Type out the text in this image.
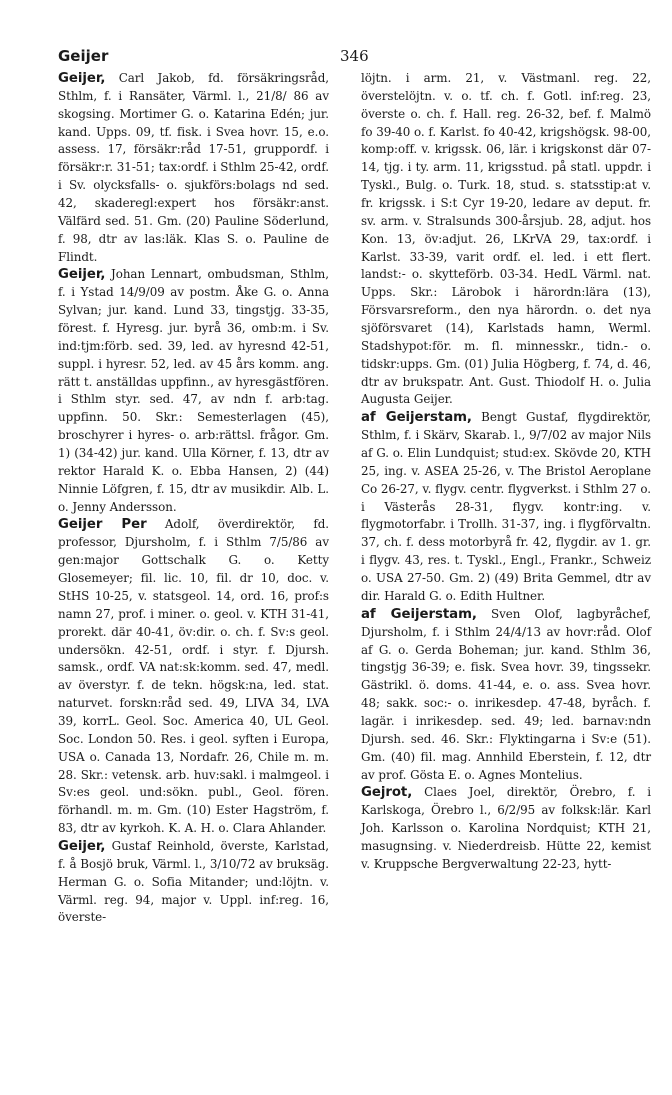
Geijer	346
Geijer, Carl Jakob, fd. försäkringsråd, Sthlm, f. i Ransäter, Värml. l., 21/8/ 86 av skogsing. Mortimer G. o. Katarina Edén; jur. kand. Upps. 09, tf. fisk. i Svea hovr. 15, e.o. assess. 17, försäkr:råd 17-51, gruppordf. i försäkr:r. 31-51; tax:ordf. i Sthlm 25-42, ordf. i Sv. olycksfalls- o. sjukförs:bolags nd sed. 42, skaderegl:expert hos försäkr:anst. Välfärd sed. 51. Gm. (20) Pauline Söderlund, f. 98, dtr av las:läk. Klas S. o. Pauline de Flindt.
Geijer, Johan Lennart, ombudsman, Sthlm, f. i Ystad 14/9/09 av postm. Åke G. o. Anna Sylvan; jur. kand. Lund 33, tingstjg. 33-35, förest. f. Hyresg. jur. byrå 36, omb:m. i Sv. ind:tjm:förb. sed. 39, led. av hyresnd 42-51, suppl. i hyresr. 52, led. av 45 års komm. ang. rätt t. anställdas uppfinn., av hyresgästfören. i Sthlm styr. sed. 47, av ndn f. arb:tag. uppfinn. 50. Skr.: Semesterlagen (45), broschyrer i hyres- o. arb:rättsl. frågor. Gm. 1) (34-42) jur. kand. Ulla Körner, f. 13, dtr av rektor Harald K. o. Ebba Hansen, 2) (44) Ninnie Löfgren, f. 15, dtr av musikdir. Alb. L. o. Jenny Andersson.
Geijer Per Adolf, överdirektör, fd. professor, Djursholm, f. i Sthlm 7/5/86 av gen:major Gottschalk G. o. Ketty Glosemeyer; fil. lic. 10, fil. dr 10, doc. v. StHS 10-25, v. statsgeol. 14, ord. 16, prof:s namn 27, prof. i miner. o. geol. v. KTH 31-41, prorekt. där 40-41, öv:dir. o. ch. f. Sv:s geol. undersökn. 42-51, ordf. i styr. f. Djursh. samsk., ordf. VA nat:sk:komm. sed. 47, medl. av överstyr. f. de tekn. högsk:na, led. stat. naturvet. forskn:råd sed. 49, LIVA 34, LVA 39, korrL. Geol. Soc. America 40, UL Geol. Soc. London 50. Res. i geol. syften i Europa, USA o. Canada 13, Nordafr. 26, Chile m. m. 28. Skr.: vetensk. arb. huv:sakl. i malmgeol. i Sv:es geol. und:sökn. publ., Geol. fören. förhandl. m. m. Gm. (10) Ester Hagström, f. 83, dtr av kyrkoh. K. A. H. o. Clara Ahlander.
Geijer, Gustaf Reinhold, överste, Karlstad, f. å Bosjö bruk, Värml. l., 3/10/72 av bruksäg. Herman G. o. Sofia Mitander; und:löjtn. v. Värml. reg. 94, major v. Uppl. inf:reg. 16, överste-
löjtn. i arm. 21, v. Västmanl. reg. 22, överstelöjtn. v. o. tf. ch. f. Gotl. inf:reg. 23, överste o. ch. f. Hall. reg. 26-32, bef. f. Malmö fo 39-40 o. f. Karlst. fo 40-42, krigshögsk. 98-00, komp:off. v. krigssk. 06, lär. i krigskonst där 07-14, tjg. i ty. arm. 11, krigsstud. på statl. uppdr. i Tyskl., Bulg. o. Turk. 18, stud. s. statsstip:at v. fr. krigssk. i S:t Cyr 19-20, ledare av deput. fr. sv. arm. v. Stralsunds 300-årsjub. 28, adjut. hos Kon. 13, öv:adjut. 26, LKrVA 29, tax:ordf. i Karlst. 33-39, varit ordf. el. led. i ett flert. landst:- o. skytteförb. 03-34. HedL Värml. nat. Upps. Skr.: Lärobok i härordn:lära (13), Försvarsreform., den nya härordn. o. det nya sjöförsvaret (14), Karlstads hamn, Werml. Stadshypot:för. m. fl. minnesskr., tidn.- o. tidskr:upps. Gm. (01) Julia Högberg, f. 74, d. 46, dtr av brukspatr. Ant. Gust. Thiodolf H. o. Julia Augusta Geijer.
af Geijerstam, Bengt Gustaf, flygdirektör, Sthlm, f. i Skärv, Skarab. l., 9/7/02 av major Nils af G. o. Elin Lundquist; stud:ex. Skövde 20, KTH 25, ing. v. ASEA 25-26, v. The Bristol Aeroplane Co 26-27, v. flygv. centr. flygverkst. i Sthlm 27 o. i Västerås 28-31, flygv. kontr:ing. v. flygmotorfabr. i Trollh. 31-37, ing. i flygförvaltn. 37, ch. f. dess motorbyrå fr. 42, flygdir. av 1. gr. i flygv. 43, res. t. Tyskl., Engl., Frankr., Schweiz o. USA 27-50. Gm. 2) (49) Brita Gemmel, dtr av dir. Harald G. o. Edith Hultner.
af Geijerstam, Sven Olof, lagbyråchef, Djursholm, f. i Sthlm 24/4/13 av hovr:råd. Olof af G. o. Gerda Boheman; jur. kand. Sthlm 36, tingstjg 36-39; e. fisk. Svea hovr. 39, tingssekr. Gästrikl. ö. doms. 41-44, e. o. ass. Svea hovr. 48; sakk. soc:- o. inrikesdep. 47-48, byråch. f. lagär. i inrikesdep. sed. 49; led. barnav:ndn Djursh. sed. 46. Skr.: Flyktingarna i Sv:e (51). Gm. (40) fil. mag. Annhild Eberstein, f. 12, dtr av prof. Gösta E. o. Agnes Montelius.
Gejrot, Claes Joel, direktör, Örebro, f. i Karlskoga, Örebro l., 6/2/95 av folksk:lär. Karl Joh. Karlsson o. Karolina Nordquist; KTH 21, masugnsing. v. Niederdreisb. Hütte 22, kemist v. Kruppsche Bergverwaltung 22-23, hytt-
